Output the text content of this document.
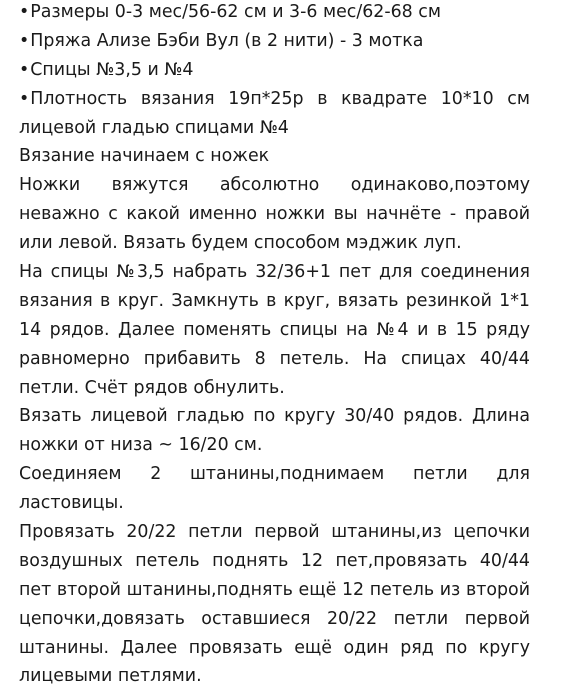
•Размеры 0-3 мес/56-62 см и 3-6 мес/62-68 см
•Пряжа Ализе Бэби Вул (в 2 нити) - 3 мотка
•Спицы №3,5 и №4
•Плотность вязания 19п*25р в квадрате 10*10 см
лицевой гладью спицами №4
Вязание начинаем с ножек
Ножки вяжутся абсолютно одинаково,поэтому
неважно с какой именно ножки вы начнёте - правой
или левой. Вязать будем способом мэджик луп.
На спицы №3,5 набрать 32/36+1 пет для соединения
вязания в круг. Замкнуть в круг, вязать резинкой 1*1
14 рядов. Далее поменять спицы на №4 и в 15 ряду
равномерно прибавить 8 петель. На спицах 40/44
петли. Счёт рядов обнулить.
Вязать лицевой гладью по кругу 30/40 рядов. Длина
ножки от низа ~ 16/20 см.
Соединяем 2 штанины,поднимаем петли для
ластовицы.
Провязать 20/22 петли первой штанины,из цепочки
воздушных петель поднять 12 пет,провязать 40/44
пет второй штанины,поднять ещё 12 петель из второй
цепочки,довязать оставшиеся 20/22 петли первой
штанины. Далее провязать ещё один ряд по кругу
лицевыми петлями.
